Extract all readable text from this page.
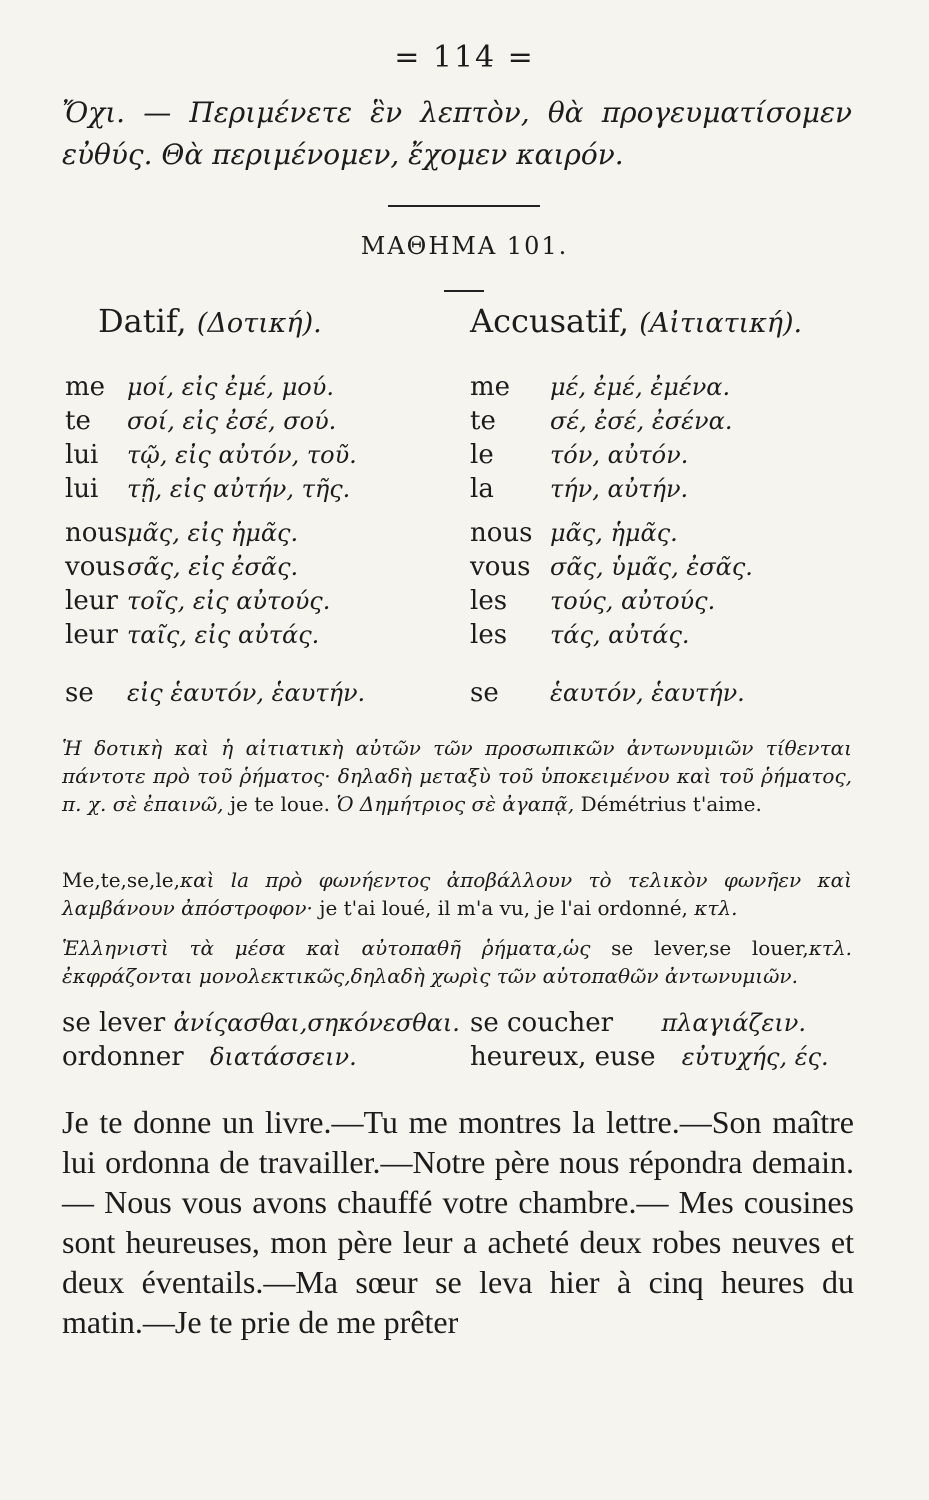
= 114 =
Ὄχι. — Περιμένετε ἓν λεπτὸν, θὰ προγευματίσομεν εὐθύς. Θὰ περιμένομεν, ἔχομεν καιρόν.
ΜΑΘΗΜΑ 101.
Datif, (Δοτική).	Accusatif, (Αἰτιατική).
me μοί, εἰς ἐμέ, μού.
te σοί, εἰς ἐσέ, σού.
lui τῷ, εἰς αὐτόν, τοῦ.
lui τῇ, εἰς αὐτήν, τῆς.
nousμᾶς, εἰς ἡμᾶς.
vousσᾶς, εἰς ἐσᾶς.
leur τοῖς, εἰς αὐτούς.
leur ταῖς, εἰς αὐτάς.
se εἰς ἑαυτόν, ἑαυτήν.
me μέ, ἐμέ, ἐμένα.
te σέ, ἐσέ, ἐσένα.
le τόν, αὐτόν.
la τήν, αὐτήν.
nous μᾶς, ἡμᾶς.
vous σᾶς, ὑμᾶς, ἐσᾶς.
les τούς, αὐτούς.
les τάς, αὐτάς.
se ἑαυτόν, ἑαυτήν.
Ἡ δοτικὴ καὶ ἡ αἰτιατικὴ αὐτῶν τῶν προσωπικῶν ἀντωνυμιῶν τίθενται πάντοτε πρὸ τοῦ ῥήματος· δηλαδὴ μεταξὺ τοῦ ὑποκειμένου καὶ τοῦ ῥήματος, π. χ. σὲ ἐπαινῶ, je te loue. Ὁ Δημήτριος σὲ ἀγαπᾷ, Démétrius t'aime.
Me,te,se,le,καὶ la πρὸ φωνήεντος ἀποβάλλουν τὸ τελικὸν φωνῆεν καὶ λαμβάνουν ἀπόστροφον· je t'ai loué, il m'a vu, je l'ai ordonné, κτλ.
Ἑλληνιστὶ τὰ μέσα καὶ αὐτοπαθῆ ῥήματα,ὡς se lever,se louer,κτλ. ἐκφράζονται μονολεκτικῶς,δηλαδὴ χωρὶς τῶν αὐτοπαθῶν ἀντωνυμιῶν.
se lever ἀνίςασθαι,σηκόνεσθαι. se coucher πλαγιάζειν.
ordonner διατάσσειν.	heureux, euse εὐτυχής, ές.
Je te donne un livre.—Tu me montres la lettre.—Son maître lui ordonna de travailler.—Notre père nous répondra demain. — Nous vous avons chauffé votre chambre.— Mes cousines sont heureuses, mon père leur a acheté deux robes neuves et deux éventails.—Ma sœur se leva hier à cinq heures du matin.—Je te prie de me prêter
